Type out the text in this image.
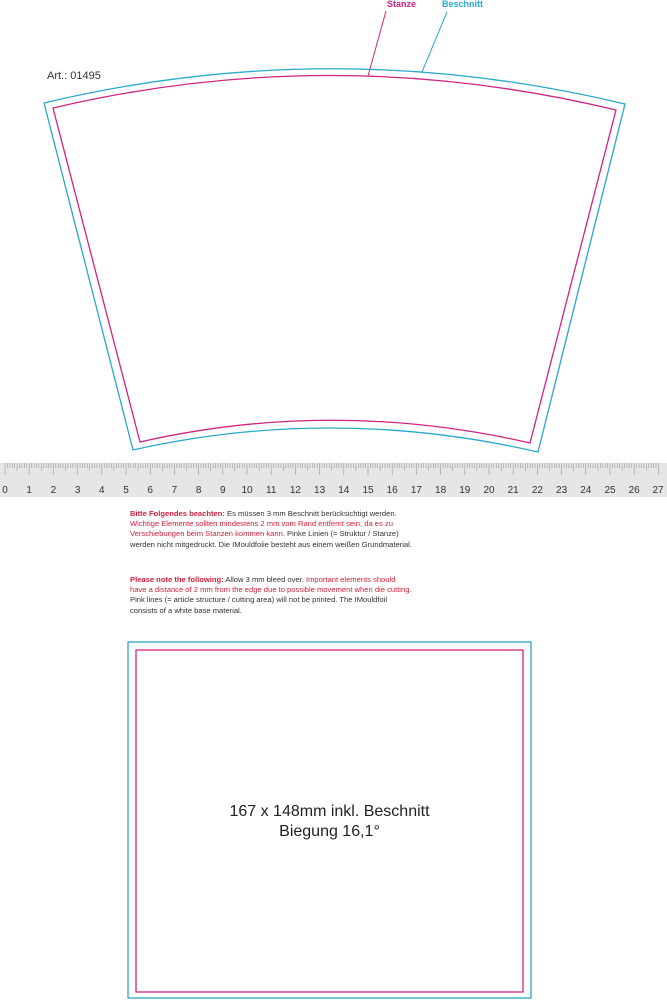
Stanze	Beschnitt
Art.: 01495
0 1 2 3 4 5 6 7 8 9 10 11 12 13 14 15 16 17 18 19 20 21 22 23 24 25 26 27

Bitte Folgendes beachten: Es müssen 3 mm Beschnitt berücksichtigt werden. Wichtige Elemente sollten mindestens 2 mm vom Rand entfernt sein, da es zu Verschiebungen beim Stanzen kommen kann. Pinke Linien (= Struktur / Stanze) werden nicht mitgedruckt. Die IMouldfolie besteht aus einem weißen Grundmaterial.

Please note the following: Allow 3 mm bleed over. Important elements should have a distance of 2 mm from the edge due to possible movement when die cutting. Pink lines (= article structure / cutting area) will not be printed. The IMouldfoil consists of a white base material.

167 x 148mm inkl. Beschnitt
Biegung 16,1°
